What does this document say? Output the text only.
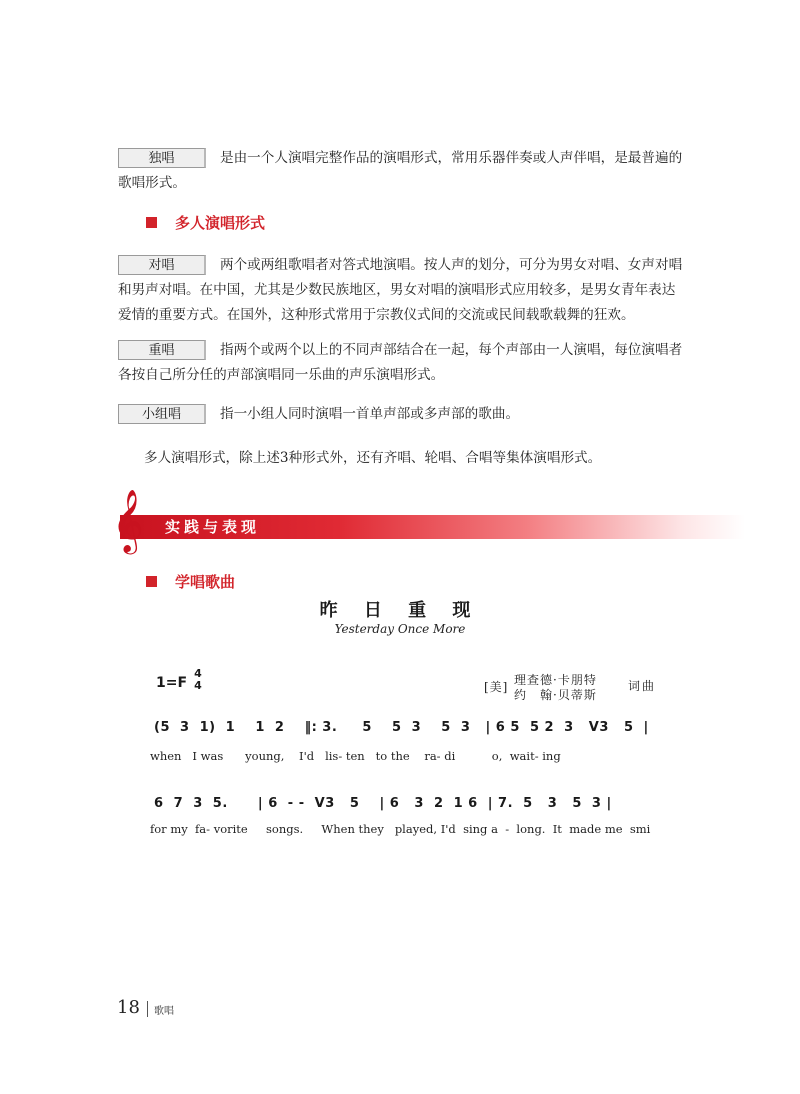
独唱	是由一个人演唱完整作品的演唱形式，常用乐器伴奏或人声伴唱，是最普遍的歌唱形式。

多人演唱形式

对唱	两个或两组歌唱者对答式地演唱。按人声的划分，可分为男女对唱、女声对唱和男声对唱。在中国，尤其是少数民族地区，男女对唱的演唱形式应用较多，是男女青年表达爱情的重要方式。在国外，这种形式常用于宗教仪式间的交流或民间载歌载舞的狂欢。

重唱	指两个或两个以上的不同声部结合在一起，每个声部由一人演唱，每位演唱者各按自己所分任的声部演唱同一乐曲的声乐演唱形式。

小组唱	指一小组人同时演唱一首单声部或多声部的歌曲。

多人演唱形式，除上述3种形式外，还有齐唱、轮唱、合唱等集体演唱形式。

𝄞 实践与表现
学唱歌曲
昨 日 重 现
Yesterday Once More
1=F
4
4	[美] 理查德·卡朋特
约　翰·贝蒂斯
词曲
(5  3  1)  1    1  2    ‖: 3.     5    5  3    5  3   | 6 5  5 2  3   V3   5  |
when   I was      young,    I'd   lis- ten   to the    ra- di          o,  wait- ing
6  7  3  5.      | 6  - -  V3   5    | 6   3  2  1 6  | 7.  5   3   5  3 |
for my  fa- vorite     songs.     When they   played, I'd  sing a  -  long.  It  made me  smi
18 歌唱
